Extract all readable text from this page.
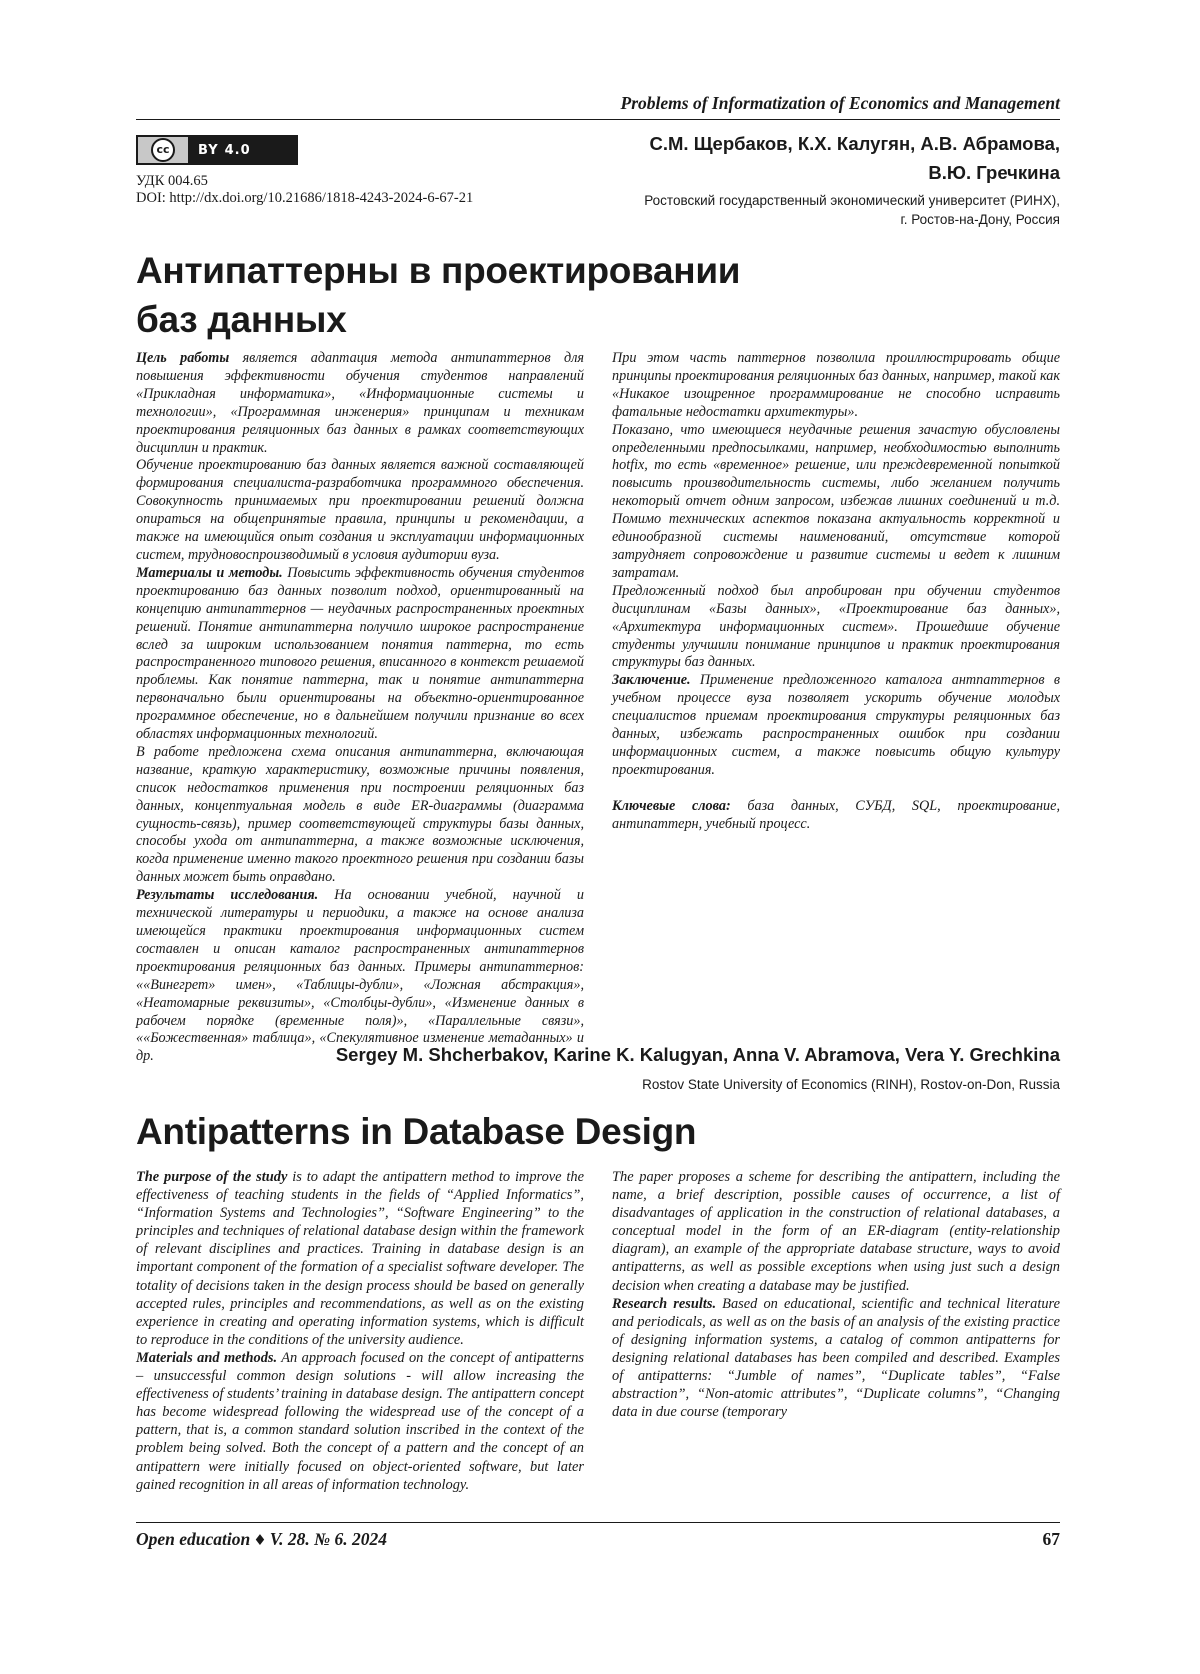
Problems of Informatization of Economics and Management
cc	BY 4.0
УДК 004.65
DOI: http://dx.doi.org/10.21686/1818-4243-2024-6-67-21
С.М. Щербаков, К.Х. Калугян, А.В. Абрамова,
В.Ю. Гречкина
Ростовский государственный экономический университет (РИНХ),
г. Ростов-на-Дону, Россия
Антипаттерны в проектировании
баз данных

Цель работы является адаптация метода антипаттернов для повышения эффективности обучения студентов направлений «Прикладная информатика», «Информационные системы и технологии», «Программная инженерия» принципам и техникам проектирования реляционных баз данных в рамках соответствующих дисциплин и практик.

Обучение проектированию баз данных является важной составляющей формирования специалиста-разработчика программного обеспечения. Совокупность принимаемых при проектировании решений должна опираться на общепринятые правила, принципы и рекомендации, а также на имеющийся опыт создания и эксплуатации информационных систем, трудновоспроизводимый в условия аудитории вуза.

Материалы и методы. Повысить эффективность обучения студентов проектированию баз данных позволит подход, ориентированный на концепцию антипаттернов — неудачных распространенных проектных решений. Понятие антипаттерна получило широкое распространение вслед за широким использованием понятия паттерна, то есть распространенного типового решения, вписанного в контекст решаемой проблемы. Как понятие паттерна, так и понятие антипаттерна первоначально были ориентированы на объектно-ориентированное программное обеспечение, но в дальнейшем получили признание во всех областях информационных технологий.

В работе предложена схема описания антипаттерна, включающая название, краткую характеристику, возможные причины появления, список недостатков применения при построении реляционных баз данных, концептуальная модель в виде ER-диаграммы (диаграмма сущность-связь), пример соответствующей структуры базы данных, способы ухода от антипаттерна, а также возможные исключения, когда применение именно такого проектного решения при создании базы данных может быть оправдано.

Результаты исследования. На основании учебной, научной и технической литературы и периодики, а также на основе анализа имеющейся практики проектирования информационных систем составлен и описан каталог распространенных антипаттернов проектирования реляционных баз данных. Примеры антипаттернов: ««Винегрет» имен», «Таблицы-дубли», «Ложная абстракция», «Неатомарные реквизиты», «Столбцы-дубли», «Изменение данных в рабочем порядке (временные поля)», «Параллельные связи», ««Божественная» таблица», «Спекулятивное изменение метаданных» и др.

При этом часть паттернов позволила проиллюстрировать общие принципы проектирования реляционных баз данных, например, такой как «Никакое изощренное программирование не способно исправить фатальные недостатки архитектуры».

Показано, что имеющиеся неудачные решения зачастую обусловлены определенными предпосылками, например, необходимостью выполнить hotfix, то есть «временное» решение, или преждевременной попыткой повысить производительность системы, либо желанием получить некоторый отчет одним запросом, избежав лишних соединений и т.д. Помимо технических аспектов показана актуальность корректной и единообразной системы наименований, отсутствие которой затрудняет сопровождение и развитие системы и ведет к лишним затратам.

Предложенный подход был апробирован при обучении студентов дисциплинам «Базы данных», «Проектирование баз данных», «Архитектура информационных систем». Прошедшие обучение студенты улучшили понимание принципов и практик проектирования структуры баз данных.

Заключение. Применение предложенного каталога антпаттернов в учебном процессе вуза позволяет ускорить обучение молодых специалистов приемам проектирования структуры реляционных баз данных, избежать распространенных ошибок при создании информационных систем, а также повысить общую культуру проектирования.

Ключевые слова: база данных, СУБД, SQL, проектирование, антипаттерн, учебный процесс.

Sergey M. Shcherbakov, Karine K. Kalugyan, Anna V. Abramova, Vera Y. Grechkina
Rostov State University of Economics (RINH), Rostov-on-Don, Russia
Antipatterns in Database Design

The purpose of the study is to adapt the antipattern method to improve the effectiveness of teaching students in the fields of “Applied Informatics”, “Information Systems and Technologies”, “Software Engineering” to the principles and techniques of relational database design within the framework of relevant disciplines and practices. Training in database design is an important component of the formation of a specialist software developer. The totality of decisions taken in the design process should be based on generally accepted rules, principles and recommendations, as well as on the existing experience in creating and operating information systems, which is difficult to reproduce in the conditions of the university audience.

Materials and methods. An approach focused on the concept of antipatterns – unsuccessful common design solutions - will allow increasing the effectiveness of students’ training in database design. The antipattern concept has become widespread following the widespread use of the concept of a pattern, that is, a common standard solution inscribed in the context of the problem being solved. Both the concept of a pattern and the concept of an antipattern were initially focused on object-oriented software, but later gained recognition in all areas of information technology.

The paper proposes a scheme for describing the antipattern, including the name, a brief description, possible causes of occurrence, a list of disadvantages of application in the construction of relational databases, a conceptual model in the form of an ER-diagram (entity-relationship diagram), an example of the appropriate database structure, ways to avoid antipatterns, as well as possible exceptions when using just such a design decision when creating a database may be justified.

Research results. Based on educational, scientific and technical literature and periodicals, as well as on the basis of an analysis of the existing practice of designing information systems, a catalog of common antipatterns for designing relational databases has been compiled and described. Examples of antipatterns: “Jumble of names”, “Duplicate tables”, “False abstraction”, “Non-atomic attributes”, “Duplicate columns”, “Changing data in due course (temporary

Open education ♦ V. 28. № 6. 2024	67
